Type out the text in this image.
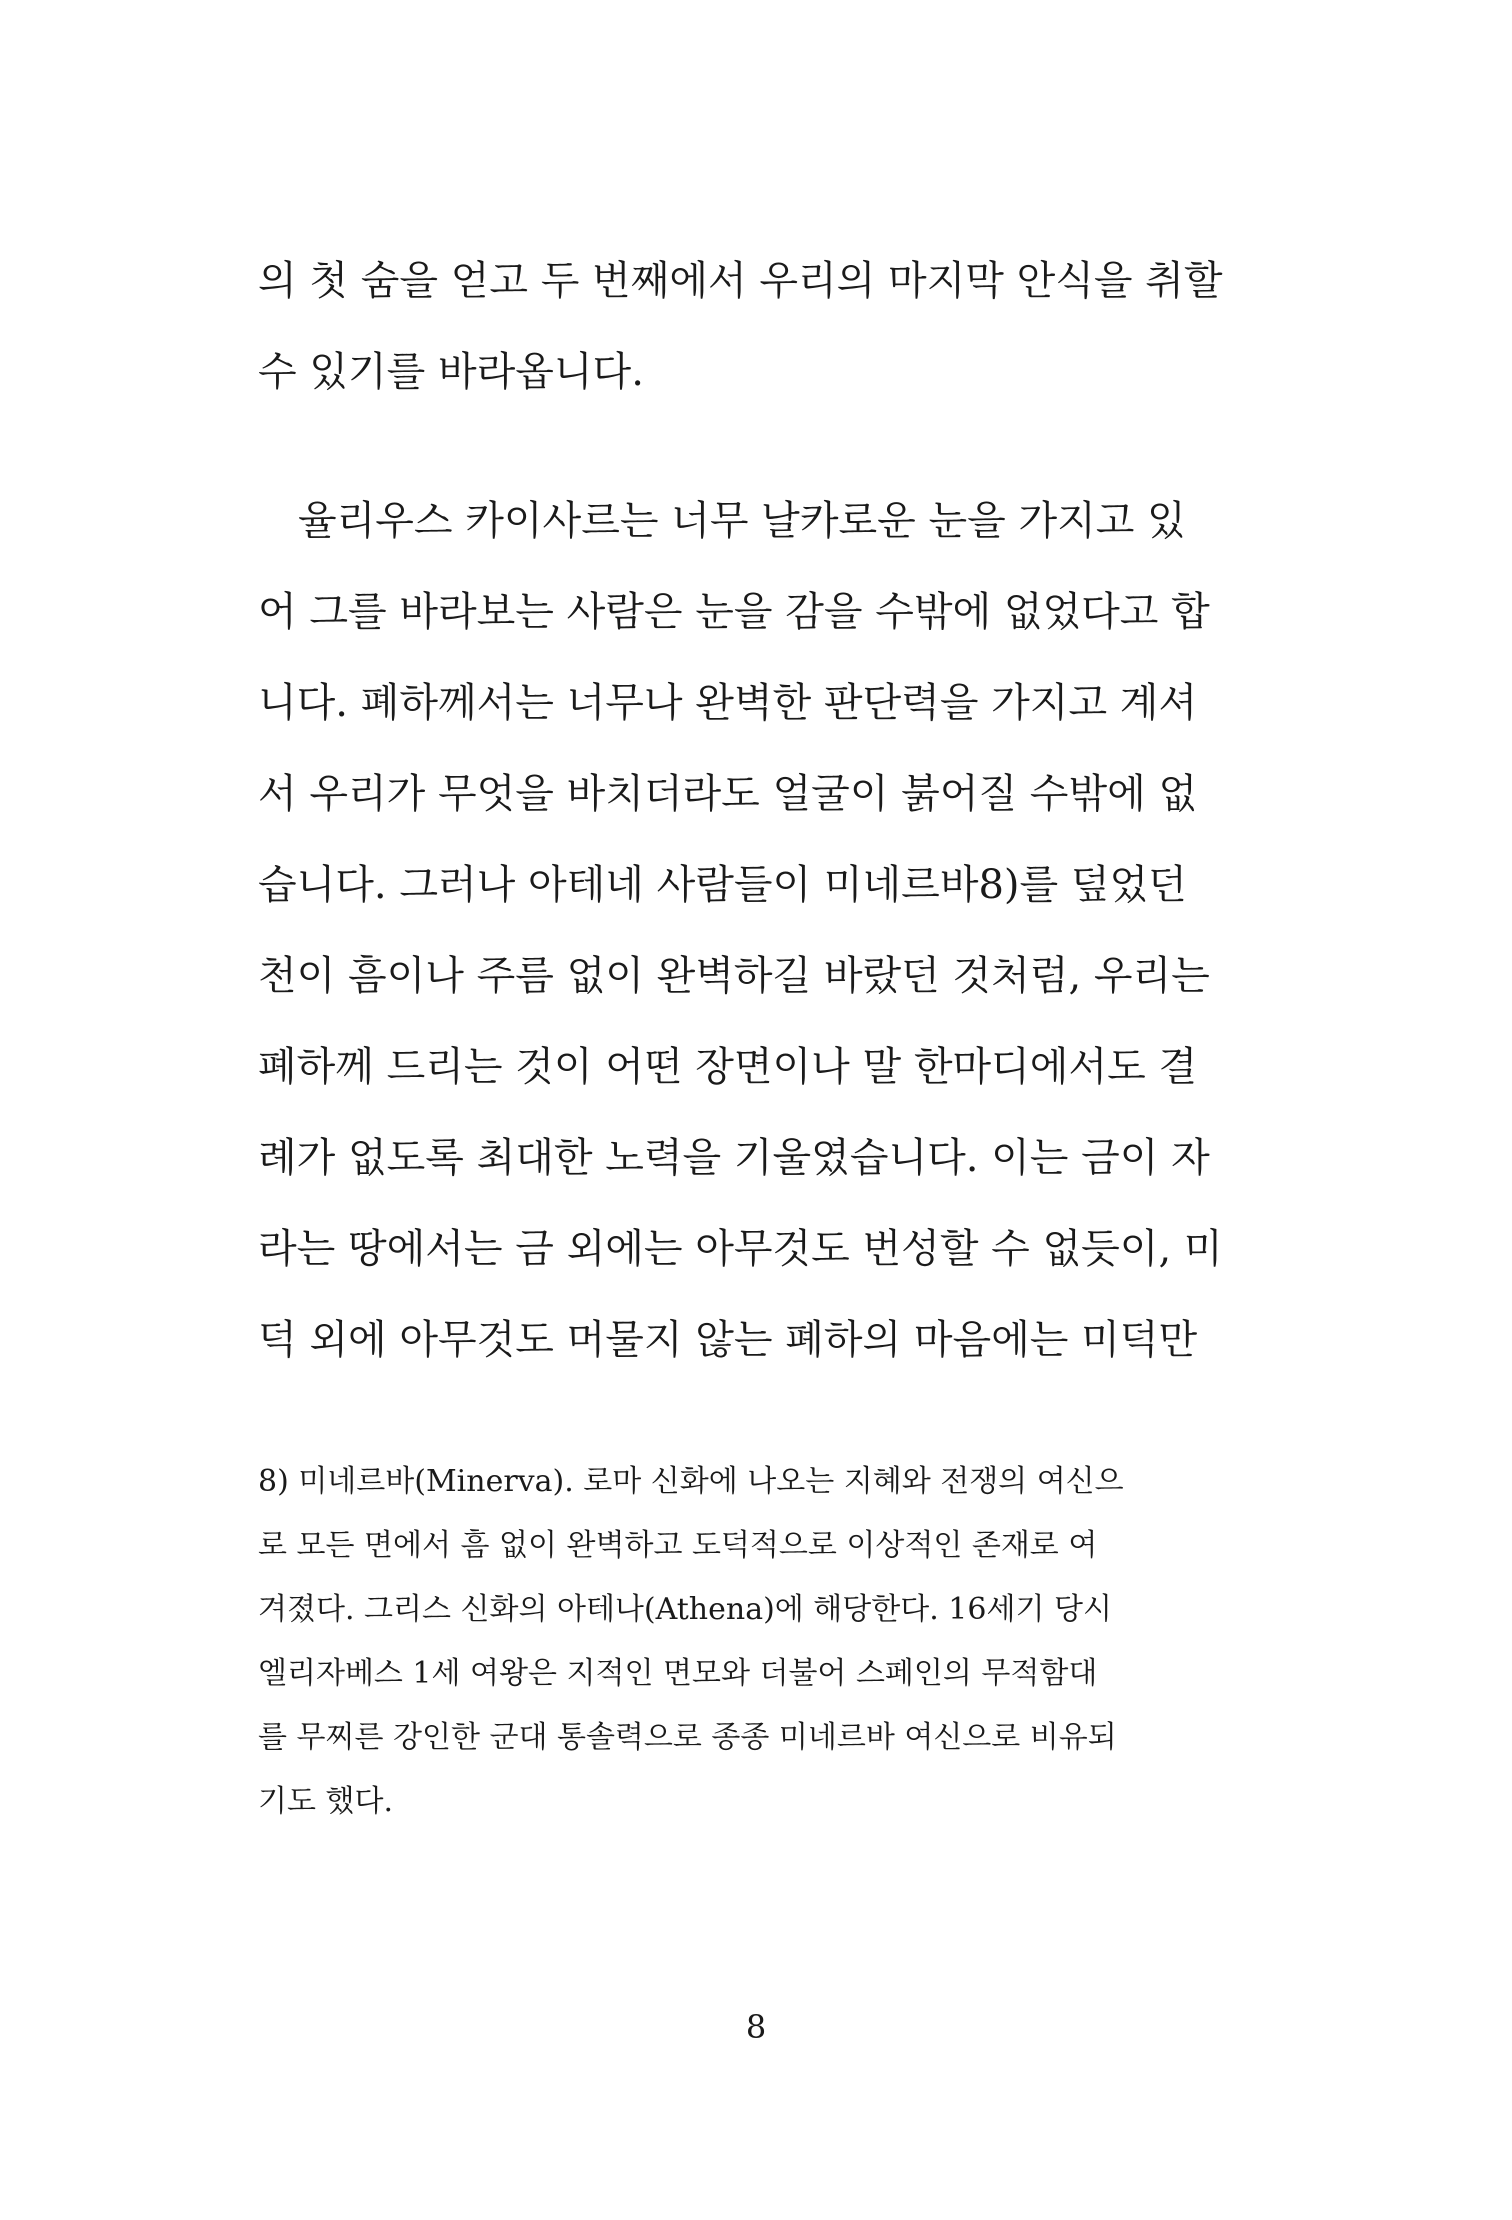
의 첫 숨을 얻고 두 번째에서 우리의 마지막 안식을 취할
수 있기를 바라옵니다.

　율리우스 카이사르는 너무 날카로운 눈을 가지고 있
어 그를 바라보는 사람은 눈을 감을 수밖에 없었다고 합
니다. 폐하께서는 너무나 완벽한 판단력을 가지고 계셔
서 우리가 무엇을 바치더라도 얼굴이 붉어질 수밖에 없
습니다. 그러나 아테네 사람들이 미네르바8)를 덮었던
천이 흠이나 주름 없이 완벽하길 바랐던 것처럼, 우리는
폐하께 드리는 것이 어떤 장면이나 말 한마디에서도 결
례가 없도록 최대한 노력을 기울였습니다. 이는 금이 자
라는 땅에서는 금 외에는 아무것도 번성할 수 없듯이, 미
덕 외에 아무것도 머물지 않는 폐하의 마음에는 미덕만

8) 미네르바(Minerva). 로마 신화에 나오는 지혜와 전쟁의 여신으
로 모든 면에서 흠 없이 완벽하고 도덕적으로 이상적인 존재로 여
겨졌다. 그리스 신화의 아테나(Athena)에 해당한다. 16세기 당시
엘리자베스 1세 여왕은 지적인 면모와 더불어 스페인의 무적함대
를 무찌른 강인한 군대 통솔력으로 종종 미네르바 여신으로 비유되
기도 했다.
8
